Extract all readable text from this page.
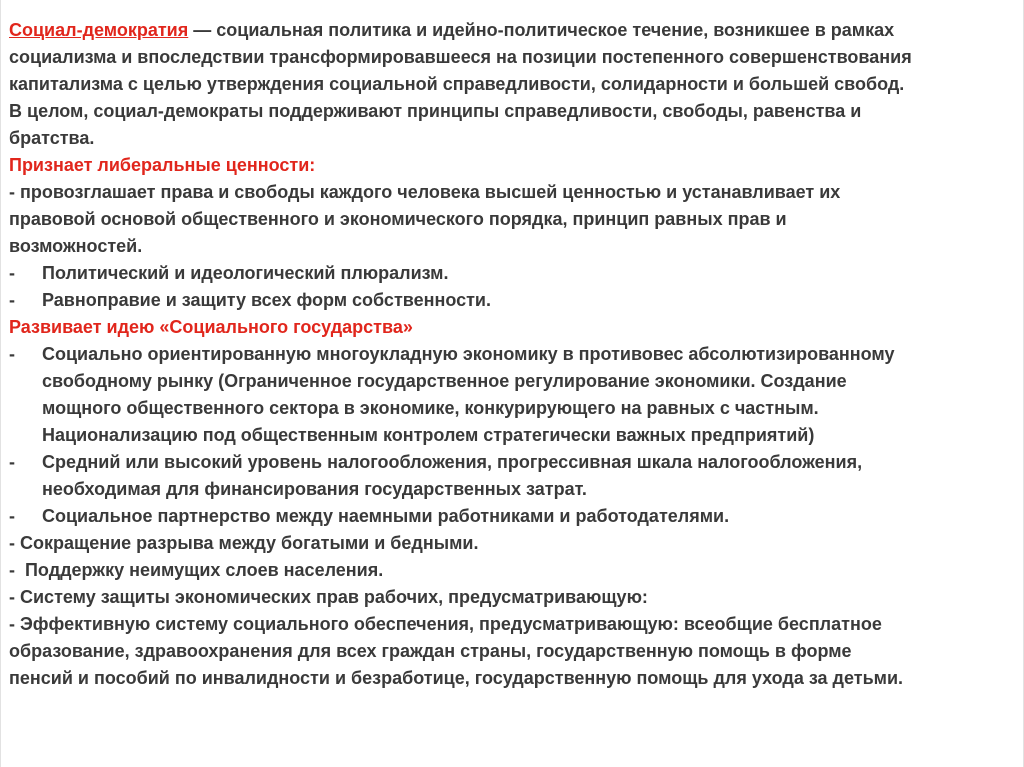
Социал-демократия — социальная политика и идейно-политическое течение, возникшее в рамках
социализма и впоследствии трансформировавшееся на позиции постепенного совершенствования
капитализма с целью утверждения социальной справедливости, солидарности и большей свобод.
В целом, социал-демократы поддерживают принципы справедливости, свободы, равенства и
братства.
Признает либеральные ценности:
- провозглашает права и свободы каждого человека высшей ценностью и устанавливает их
правовой основой общественного и экономического порядка, принцип равных прав и
возможностей.
- Политический и идеологический плюрализм.
- Равноправие и защиту всех форм собственности.
Развивает идею «Социального государства»
- Социально ориентированную многоукладную экономику в противовес абсолютизированному
свободному рынку (Ограниченное государственное регулирование экономики. Создание
мощного общественного сектора в экономике, конкурирующего на равных с частным.
Национализацию под общественным контролем стратегически важных предприятий)
- Средний или высокий уровень налогообложения, прогрессивная шкала налогообложения,
необходимая для финансирования государственных затрат.
- Социальное партнерство между наемными работниками и работодателями.
- Сокращение разрыва между богатыми и бедными.
-  Поддержку неимущих слоев населения.
- Систему защиты экономических прав рабочих, предусматривающую:
- Эффективную систему социального обеспечения, предусматривающую: всеобщие бесплатное
образование, здравоохранения для всех граждан страны, государственную помощь в форме
пенсий и пособий по инвалидности и безработице, государственную помощь для ухода за детьми.
